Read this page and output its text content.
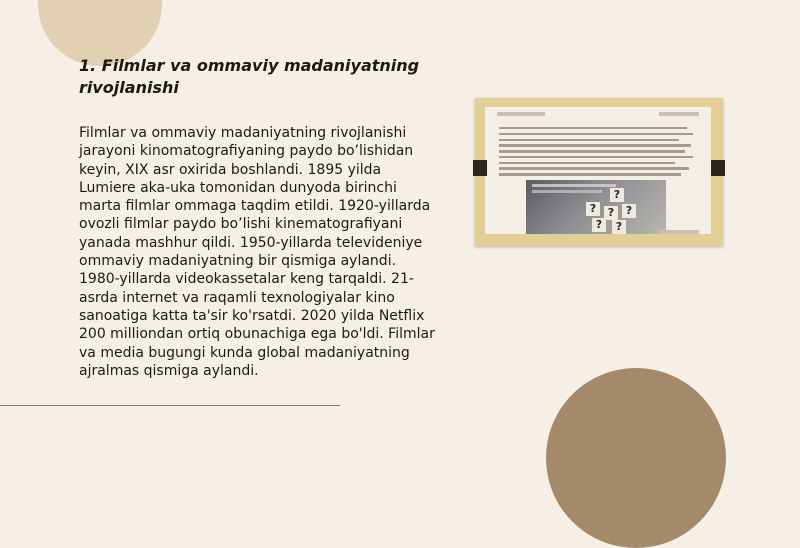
1. Filmlar va ommaviy madaniyatning rivojlanishi

Filmlar va ommaviy madaniyatning rivojlanishi jarayoni kinomatografiyaning paydo bo’lishidan keyin, XIX asr oxirida boshlandi. 1895 yilda Lumiere aka-uka tomonidan dunyoda birinchi marta filmlar ommaga taqdim etildi. 1920-yillarda ovozli filmlar paydo bo’lishi kinematografiyani yanada mashhur qildi. 1950-yillarda televideniye ommaviy madaniyatning bir qismiga aylandi. 1980-yillarda videokassetalar keng tarqaldi. 21-asrda internet va raqamli texnologiyalar kino sanoatiga katta ta'sir ko'rsatdi. 2020 yilda Netflix 200 milliondan ortiq obunachiga ega bo'ldi. Filmlar va media bugungi kunda global madaniyatning ajralmas qismiga aylandi.

?
?	?	?
?	?
